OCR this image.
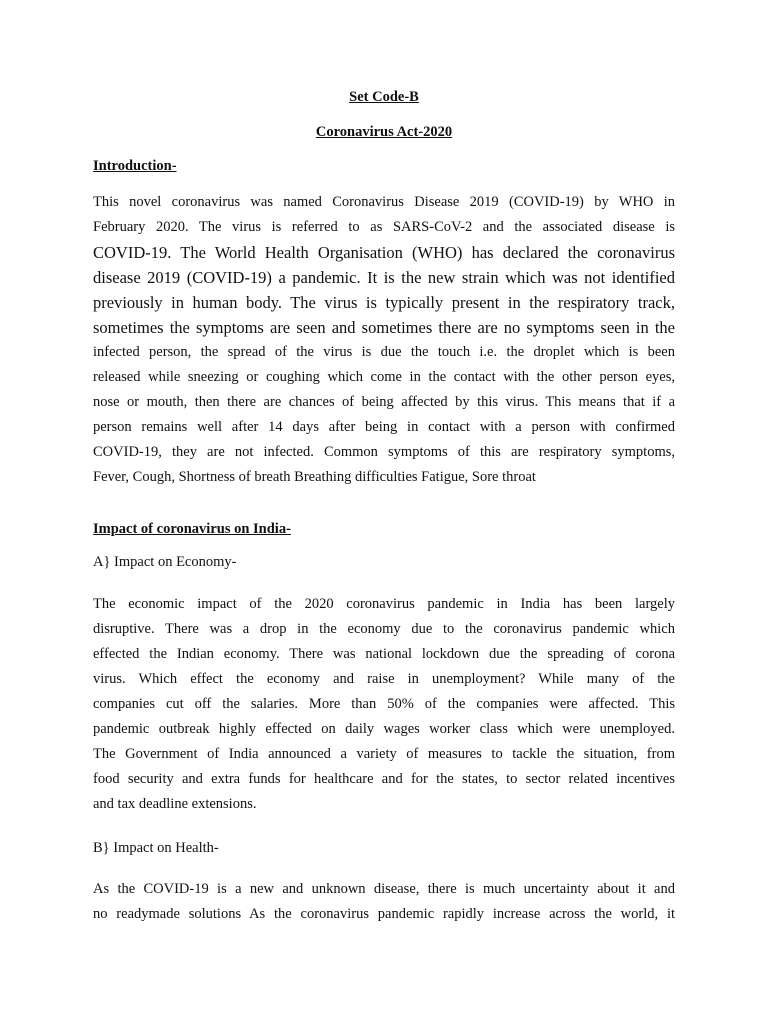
Set Code-B

Coronavirus Act-2020

Introduction-

This novel coronavirus was named Coronavirus Disease 2019 (COVID-19) by WHO in
February 2020. The virus is referred to as SARS-CoV-2 and the associated disease is
COVID-19. The World Health Organisation (WHO) has declared the coronavirus
disease 2019 (COVID-19) a pandemic. It is the new strain which was not identified
previously in human body. The virus is typically present in the respiratory track,
sometimes the symptoms are seen and sometimes there are no symptoms seen in the
infected person, the spread of the virus is due the touch i.e. the droplet which is been
released while sneezing or coughing which come in the contact with the other person eyes,
nose or mouth, then there are chances of being affected by this virus. This means that if a
person remains well after 14 days after being in contact with a person with confirmed
COVID-19, they are not infected. Common symptoms of this are respiratory symptoms,
Fever, Cough, Shortness of breath Breathing difficulties Fatigue, Sore throat

Impact of coronavirus on India-

A} Impact on Economy-

The economic impact of the 2020 coronavirus pandemic in India has been largely
disruptive. There was a drop in the economy due to the coronavirus pandemic which
effected the Indian economy. There was national lockdown due the spreading of corona
virus. Which effect the economy and raise in unemployment? While many of the
companies cut off the salaries. More than 50% of the companies were affected. This
pandemic outbreak highly effected on daily wages worker class which were unemployed.
The Government of India announced a variety of measures to tackle the situation, from
food security and extra funds for healthcare and for the states, to sector related incentives
and tax deadline extensions.

B} Impact on Health-

As the COVID-19 is a new and unknown disease, there is much uncertainty about it and
no readymade solutions As the coronavirus pandemic rapidly increase across the world, it
